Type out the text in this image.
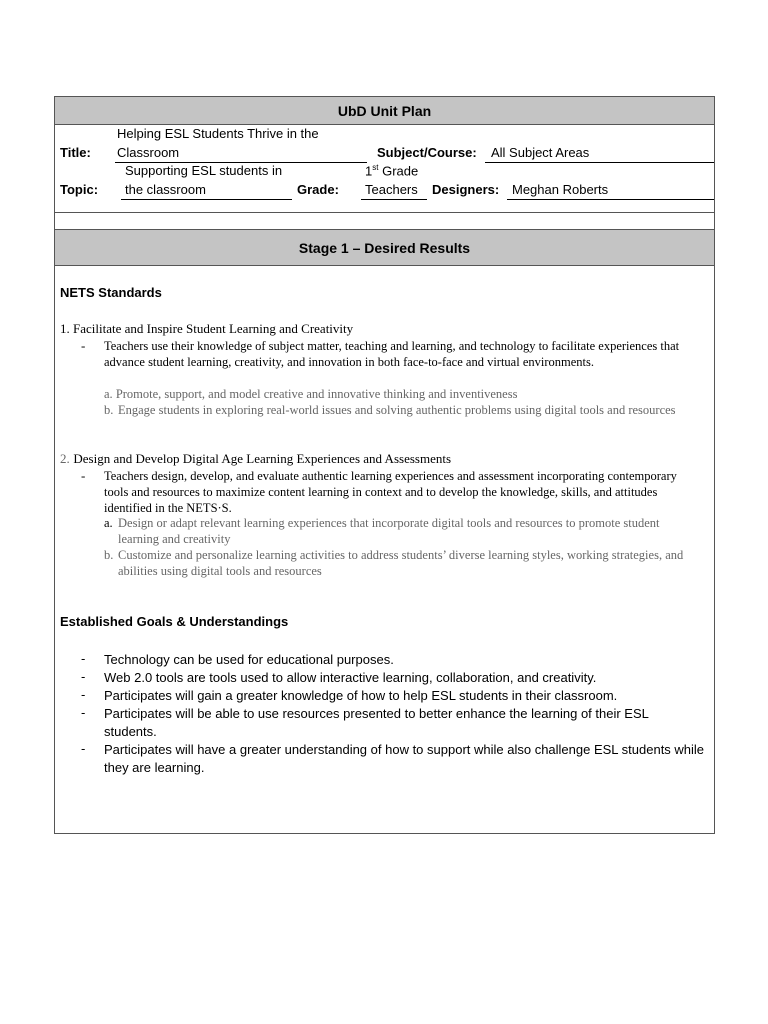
UbD Unit Plan
Title:
Helping ESL Students Thrive in the
Classroom	Subject/Course: All Subject Areas
Topic:
Supporting ESL students in
the classroom	Grade:
1st Grade
Teachers Designers: Meghan Roberts
Stage 1 – Desired Results
NETS Standards
1. Facilitate and Inspire Student Learning and Creativity
- Teachers use their knowledge of subject matter, teaching and learning, and technology to facilitate experiences that advance student learning, creativity, and innovation in both face-to-face and virtual environments.
a. Promote, support, and model creative and innovative thinking and inventiveness
b. Engage students in exploring real-world issues and solving authentic problems using digital tools and resources
2. Design and Develop Digital Age Learning Experiences and Assessments
- Teachers design, develop, and evaluate authentic learning experiences and assessment incorporating contemporary tools and resources to maximize content learning in context and to develop the knowledge, skills, and attitudes identified in the NETS·S.
a. Design or adapt relevant learning experiences that incorporate digital tools and resources to promote student learning and creativity
b. Customize and personalize learning activities to address students’ diverse learning styles, working strategies, and abilities using digital tools and resources
Established Goals & Understandings
- Technology can be used for educational purposes.
- Web 2.0 tools are tools used to allow interactive learning, collaboration, and creativity.
- Participates will gain a greater knowledge of how to help ESL students in their classroom.
- Participates will be able to use resources presented to better enhance the learning of their ESL students.
- Participates will have a greater understanding of how to support while also challenge ESL students while they are learning.
